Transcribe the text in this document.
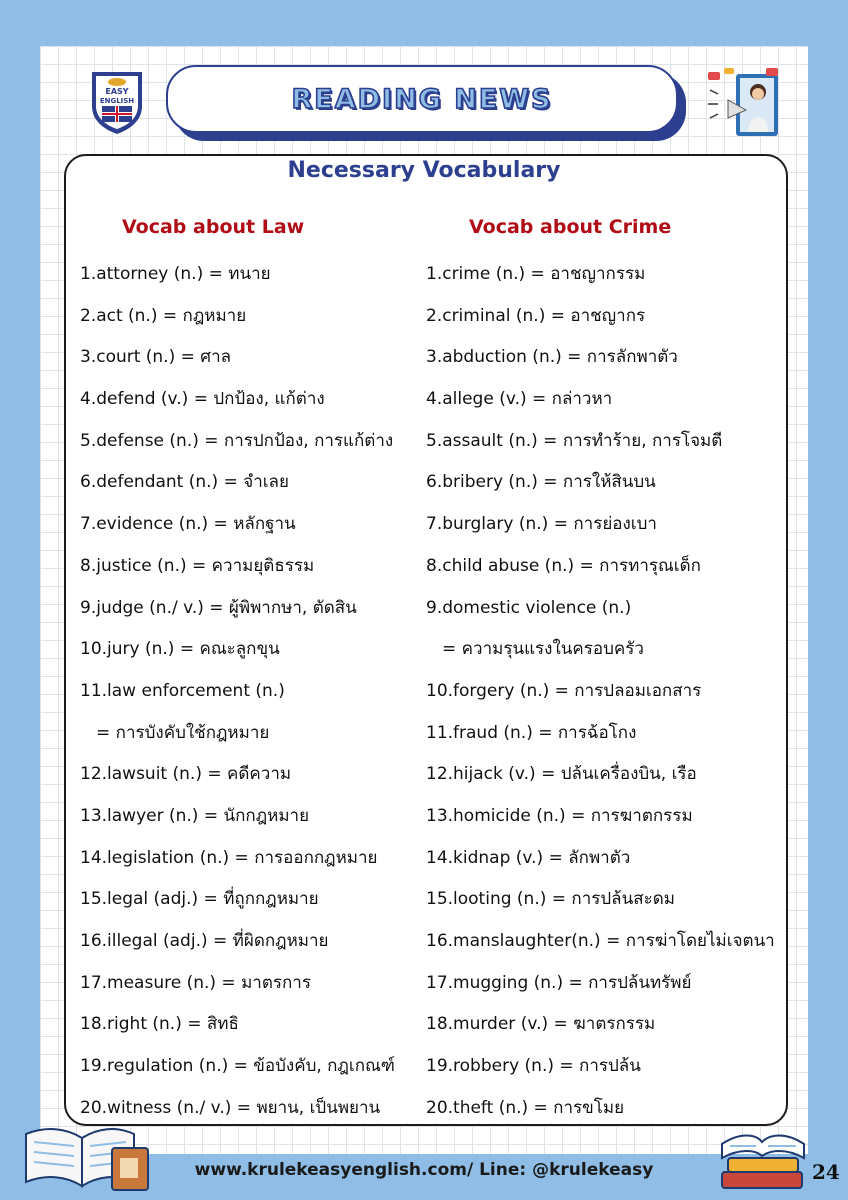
EASY
ENGLISH	READING NEWS
Necessary Vocabulary
Vocab about Law	Vocab about Crime
1.attorney (n.) = ทนาย
2.act (n.) = กฎหมาย
3.court (n.) = ศาล
4.defend (v.) = ปกป้อง, แก้ต่าง
5.defense (n.) = การปกป้อง, การแก้ต่าง
6.defendant (n.) = จำเลย
7.evidence (n.) = หลักฐาน
8.justice (n.) = ความยุติธรรม
9.judge (n./ v.) = ผู้พิพากษา, ตัดสิน
10.jury (n.) = คณะลูกขุน
11.law enforcement (n.)
= การบังคับใช้กฎหมาย
12.lawsuit (n.) = คดีความ
13.lawyer (n.) = นักกฎหมาย
14.legislation (n.) = การออกกฎหมาย
15.legal (adj.) = ที่ถูกกฎหมาย
16.illegal (adj.) = ที่ผิดกฎหมาย
17.measure (n.) = มาตรการ
18.right (n.) = สิทธิ
19.regulation (n.) = ข้อบังคับ, กฎเกณฑ์
20.witness (n./ v.) = พยาน, เป็นพยาน
1.crime (n.) = อาชญากรรม
2.criminal (n.) = อาชญากร
3.abduction (n.) = การลักพาตัว
4.allege (v.) = กล่าวหา
5.assault (n.) = การทำร้าย, การโจมตี
6.bribery (n.) = การให้สินบน
7.burglary (n.) = การย่องเบา
8.child abuse (n.) = การทารุณเด็ก
9.domestic violence (n.)
= ความรุนแรงในครอบครัว
10.forgery (n.) = การปลอมเอกสาร
11.fraud (n.) = การฉ้อโกง
12.hijack (v.) = ปล้นเครื่องบิน, เรือ
13.homicide (n.) = การฆาตกรรม
14.kidnap (v.) = ลักพาตัว
15.looting (n.) = การปล้นสะดม
16.manslaughter(n.) = การฆ่าโดยไม่เจตนา
17.mugging (n.) = การปล้นทรัพย์
18.murder (v.) = ฆาตรกรรม
19.robbery (n.) = การปล้น
20.theft (n.) = การขโมย
www.krulekeasyenglish.com/ Line: @krulekeasy	24
